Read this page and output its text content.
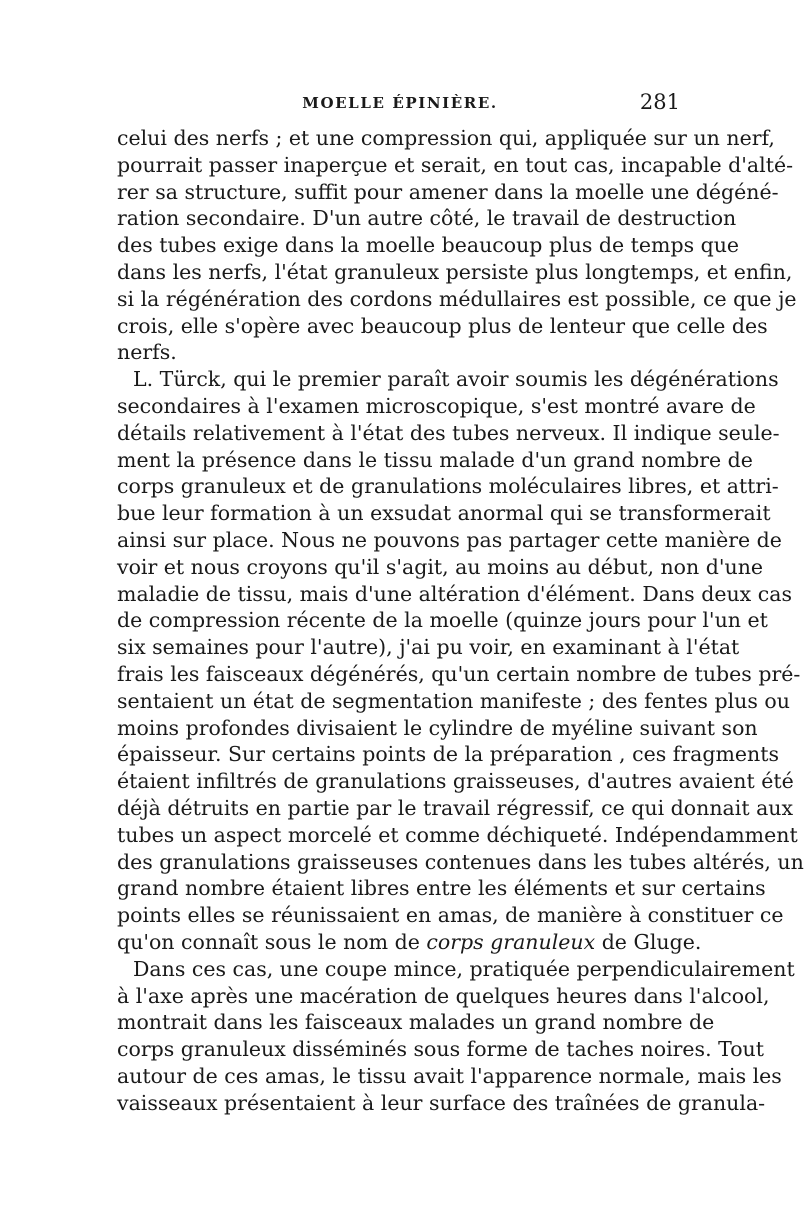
MOELLE ÉPINIÈRE.	281
celui des nerfs ; et une compression qui, appliquée sur un nerf,
pourrait passer inaperçue et serait, en tout cas, incapable d'alté-
rer sa structure, suffit pour amener dans la moelle une dégéné-
ration secondaire. D'un autre côté, le travail de destruction
des tubes exige dans la moelle beaucoup plus de temps que
dans les nerfs, l'état granuleux persiste plus longtemps, et enfin,
si la régénération des cordons médullaires est possible, ce que je
crois, elle s'opère avec beaucoup plus de lenteur que celle des
nerfs.
L. Türck, qui le premier paraît avoir soumis les dégénérations
secondaires à l'examen microscopique, s'est montré avare de
détails relativement à l'état des tubes nerveux. Il indique seule-
ment la présence dans le tissu malade d'un grand nombre de
corps granuleux et de granulations moléculaires libres, et attri-
bue leur formation à un exsudat anormal qui se transformerait
ainsi sur place. Nous ne pouvons pas partager cette manière de
voir et nous croyons qu'il s'agit, au moins au début, non d'une
maladie de tissu, mais d'une altération d'élément. Dans deux cas
de compression récente de la moelle (quinze jours pour l'un et
six semaines pour l'autre), j'ai pu voir, en examinant à l'état
frais les faisceaux dégénérés, qu'un certain nombre de tubes pré-
sentaient un état de segmentation manifeste ; des fentes plus ou
moins profondes divisaient le cylindre de myéline suivant son
épaisseur. Sur certains points de la préparation , ces fragments
étaient infiltrés de granulations graisseuses, d'autres avaient été
déjà détruits en partie par le travail régressif, ce qui donnait aux
tubes un aspect morcelé et comme déchiqueté. Indépendamment
des granulations graisseuses contenues dans les tubes altérés, un
grand nombre étaient libres entre les éléments et sur certains
points elles se réunissaient en amas, de manière à constituer ce
qu'on connaît sous le nom de corps granuleux de Gluge.
Dans ces cas, une coupe mince, pratiquée perpendiculairement
à l'axe après une macération de quelques heures dans l'alcool,
montrait dans les faisceaux malades un grand nombre de
corps granuleux disséminés sous forme de taches noires. Tout
autour de ces amas, le tissu avait l'apparence normale, mais les
vaisseaux présentaient à leur surface des traînées de granula-
